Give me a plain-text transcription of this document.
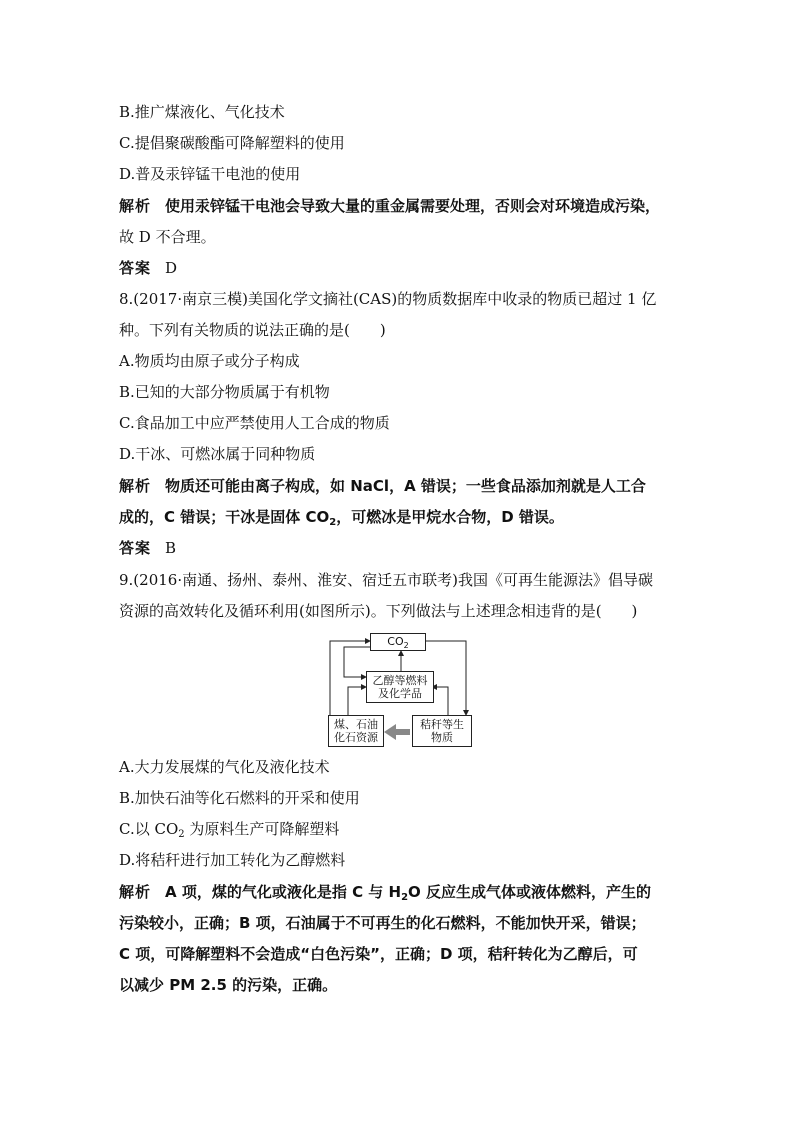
B.推广煤液化、气化技术
C.提倡聚碳酸酯可降解塑料的使用
D.普及汞锌锰干电池的使用
解析 使用汞锌锰干电池会导致大量的重金属需要处理，否则会对环境造成污染，
故 D 不合理。
答案 D
8.(2017·南京三模)美国化学文摘社(CAS)的物质数据库中收录的物质已超过 1 亿
种。下列有关物质的说法正确的是(　　)
A.物质均由原子或分子构成
B.已知的大部分物质属于有机物
C.食品加工中应严禁使用人工合成的物质
D.干冰、可燃冰属于同种物质
解析 物质还可能由离子构成，如 NaCl，A 错误；一些食品添加剂就是人工合
成的，C 错误；干冰是固体 $CO_2$，可燃冰是甲烷水合物，D 错误。
答案 B
9.(2016·南通、扬州、泰州、淮安、宿迁五市联考)我国《可再生能源法》倡导碳
资源的高效转化及循环利用(如图所示)。下列做法与上述理念相违背的是(　　)
$CO_2$
乙醇等燃料
及化学品
煤、石油
化石资源
秸秆等生
物质
A.大力发展煤的气化及液化技术
B.加快石油等化石燃料的开采和使用
C.以 $CO_2$ 为原料生产可降解塑料
D.将秸秆进行加工转化为乙醇燃料
解析 A 项，煤的气化或液化是指 C 与 $H_2O$ 反应生成气体或液体燃料，产生的
污染较小，正确；B 项，石油属于不可再生的化石燃料，不能加快开采，错误；
C 项，可降解塑料不会造成“白色污染”，正确；D 项，秸秆转化为乙醇后，可
以减少 PM 2.5 的污染，正确。
